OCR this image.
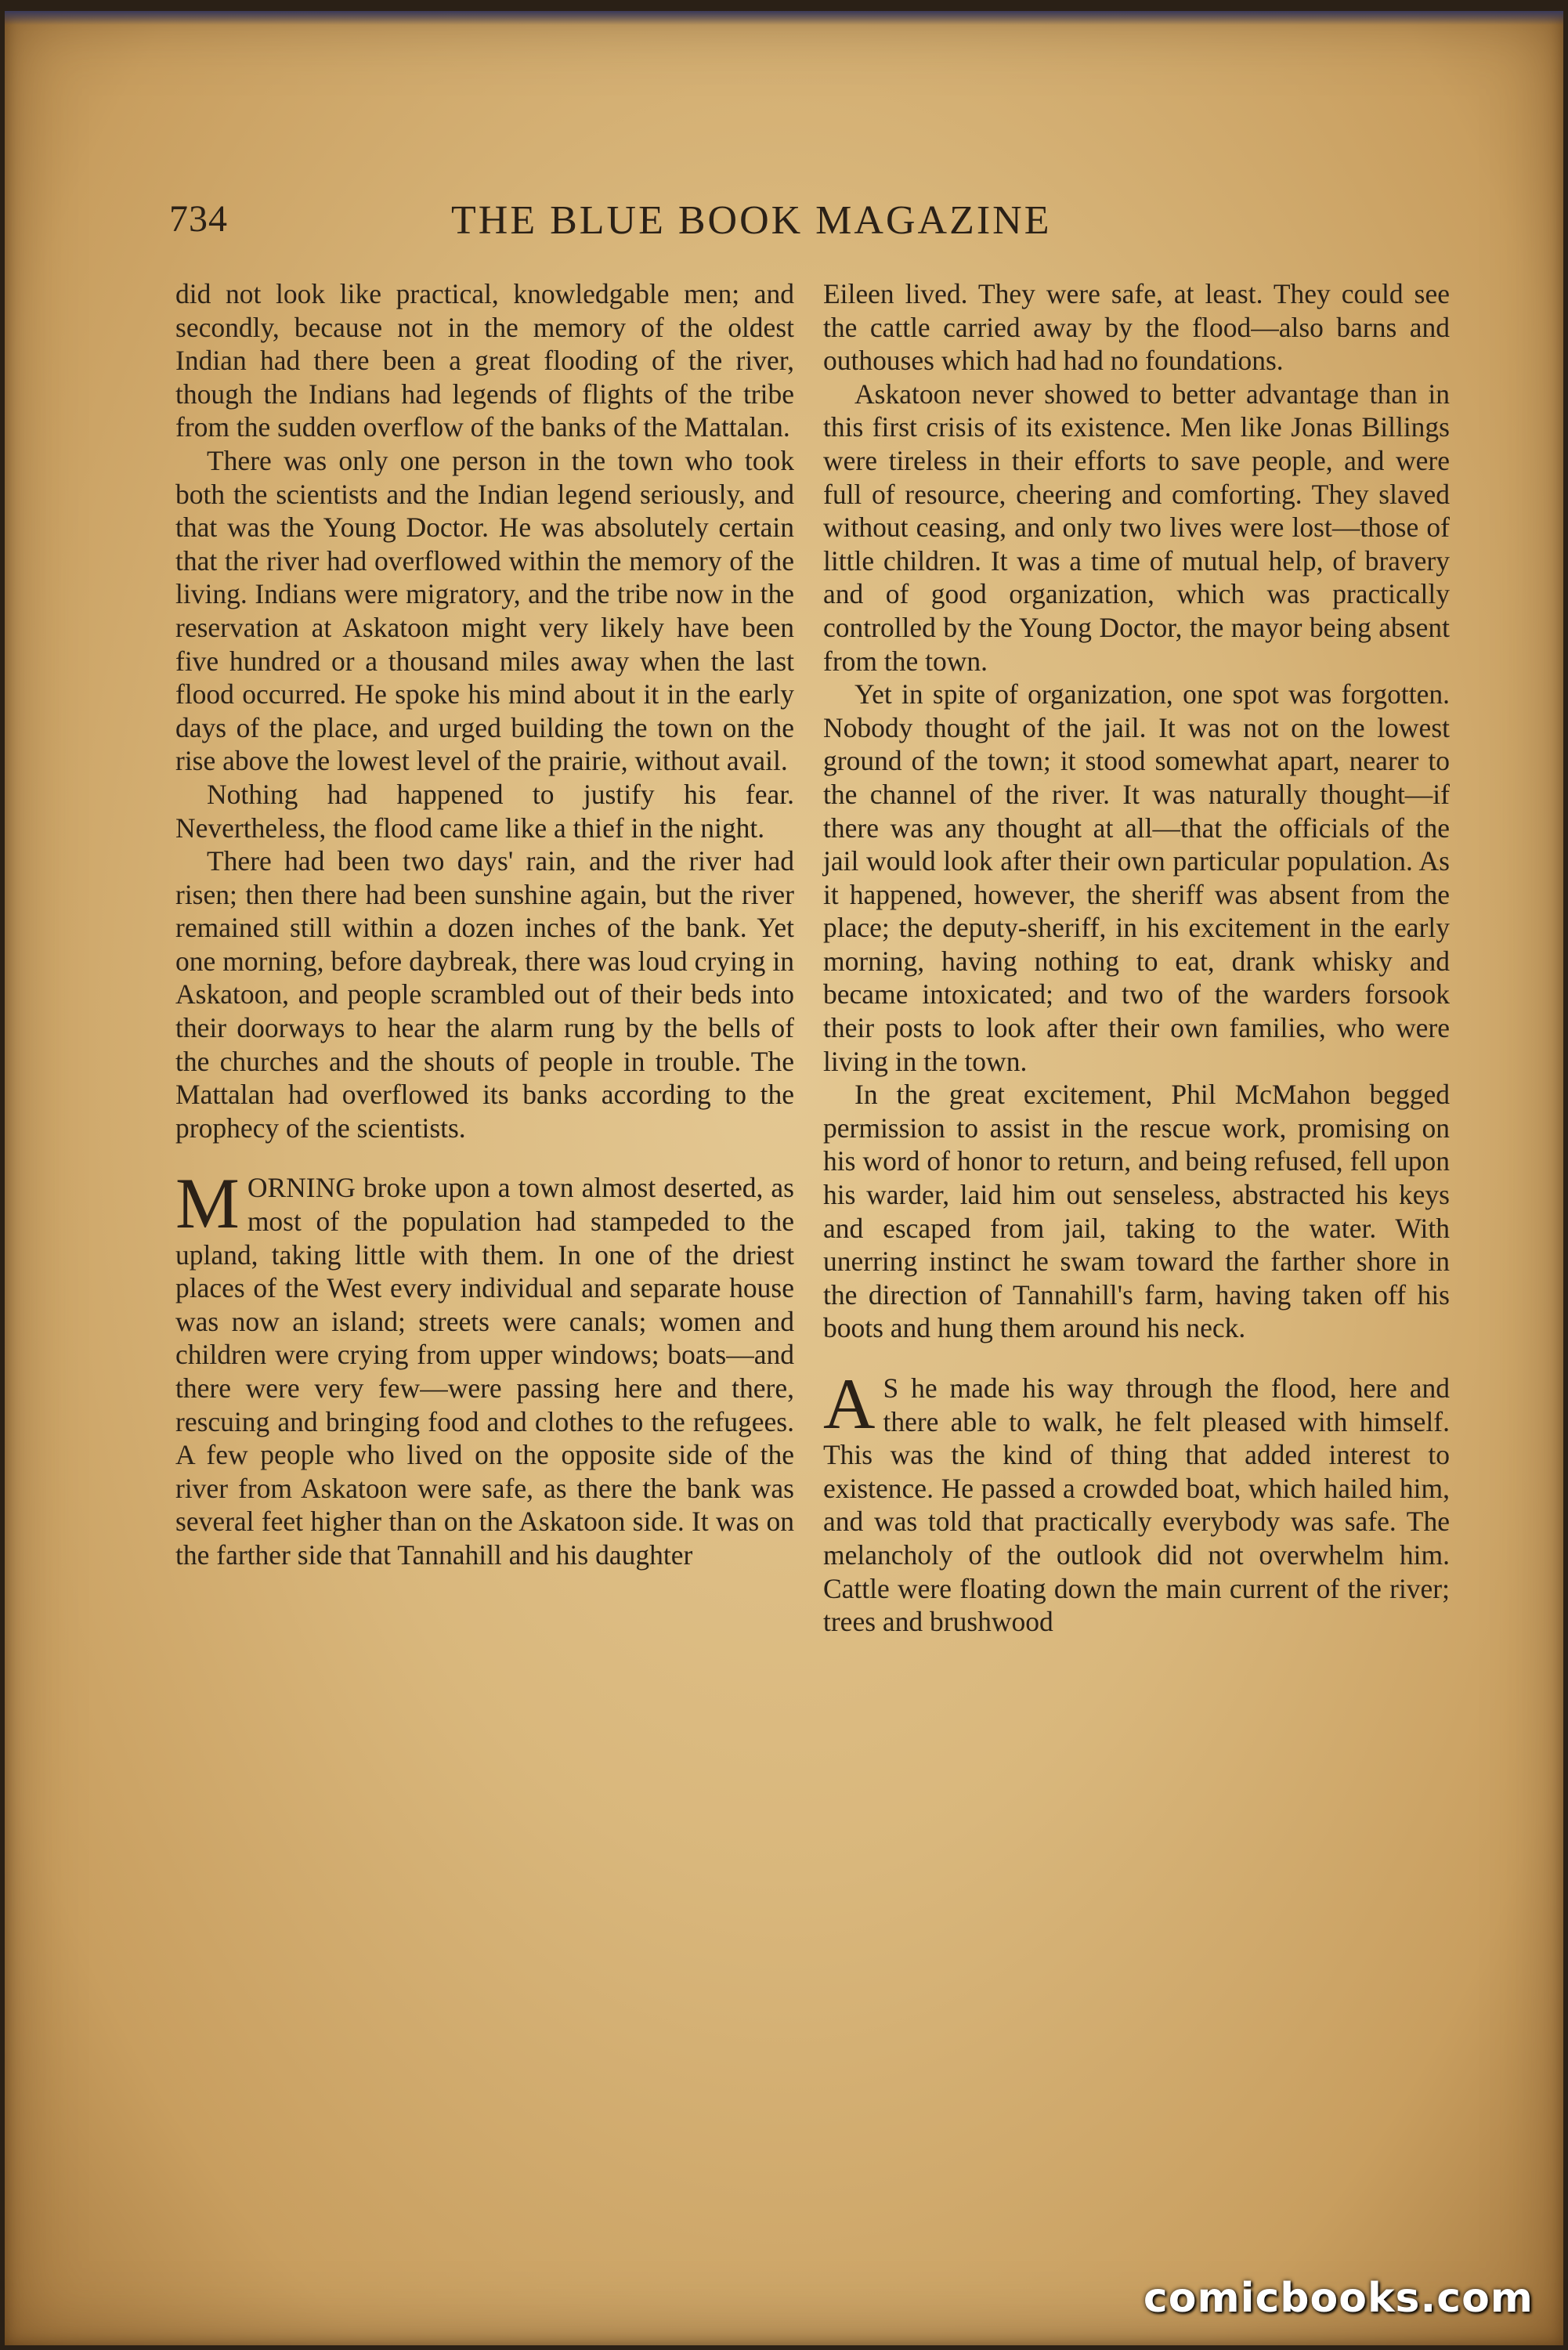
734	THE BLUE BOOK MAGAZINE

did not look like practical, knowledgable men; and secondly, because not in the memory of the oldest Indian had there been a great flooding of the river, though the Indians had legends of flights of the tribe from the sudden overflow of the banks of the Mattalan.

There was only one person in the town who took both the scientists and the Indian legend seriously, and that was the Young Doctor. He was absolutely certain that the river had overflowed within the memory of the living. Indians were migratory, and the tribe now in the reservation at Askatoon might very likely have been five hundred or a thousand miles away when the last flood occurred. He spoke his mind about it in the early days of the place, and urged building the town on the rise above the lowest level of the prairie, without avail.

Nothing had happened to justify his fear. Nevertheless, the flood came like a thief in the night.

There had been two days' rain, and the river had risen; then there had been sunshine again, but the river remained still within a dozen inches of the bank. Yet one morning, before daybreak, there was loud crying in Askatoon, and people scrambled out of their beds into their doorways to hear the alarm rung by the bells of the churches and the shouts of people in trouble. The Mattalan had overflowed its banks according to the prophecy of the scientists.

MORNING broke upon a town almost deserted, as most of the population had stampeded to the upland, taking little with them. In one of the driest places of the West every individual and separate house was now an island; streets were canals; women and children were crying from upper windows; boats—and there were very few—were passing here and there, rescuing and bringing food and clothes to the refugees. A few people who lived on the opposite side of the river from Askatoon were safe, as there the bank was several feet higher than on the Askatoon side. It was on the farther side that Tannahill and his daughter

Eileen lived. They were safe, at least. They could see the cattle carried away by the flood—also barns and outhouses which had had no foundations.

Askatoon never showed to better advantage than in this first crisis of its existence. Men like Jonas Billings were tireless in their efforts to save people, and were full of resource, cheering and comforting. They slaved without ceasing, and only two lives were lost—those of little children. It was a time of mutual help, of bravery and of good organization, which was practically controlled by the Young Doctor, the mayor being absent from the town.

Yet in spite of organization, one spot was forgotten. Nobody thought of the jail. It was not on the lowest ground of the town; it stood somewhat apart, nearer to the channel of the river. It was naturally thought—if there was any thought at all—that the officials of the jail would look after their own particular population. As it happened, however, the sheriff was absent from the place; the deputy-sheriff, in his excitement in the early morning, having nothing to eat, drank whisky and became intoxicated; and two of the warders forsook their posts to look after their own families, who were living in the town.

In the great excitement, Phil McMahon begged permission to assist in the rescue work, promising on his word of honor to return, and being refused, fell upon his warder, laid him out senseless, abstracted his keys and escaped from jail, taking to the water. With unerring instinct he swam toward the farther shore in the direction of Tannahill's farm, having taken off his boots and hung them around his neck.

A S he made his way through the flood, here and there able to walk, he felt pleased with himself. This was the kind of thing that added interest to existence. He passed a crowded boat, which hailed him, and was told that practically everybody was safe. The melancholy of the outlook did not overwhelm him. Cattle were floating down the main current of the river; trees and brushwood

comicbooks.com
